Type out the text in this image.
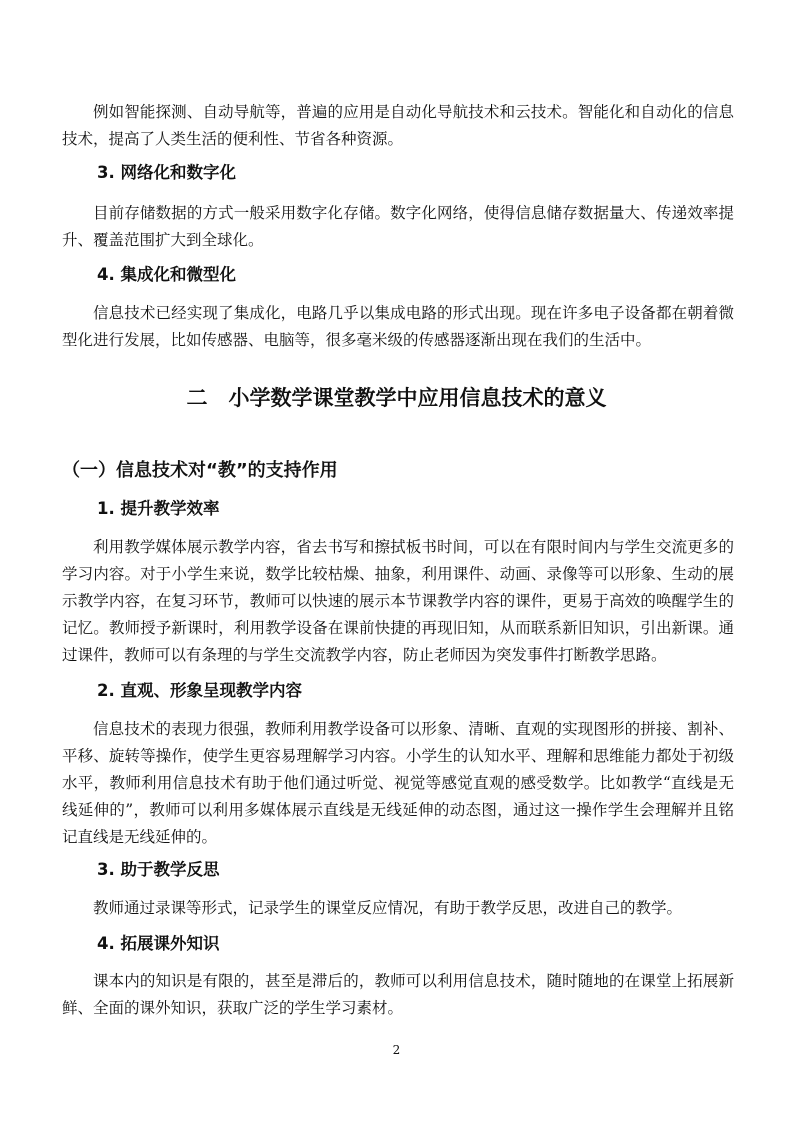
例如智能探测、自动导航等，普遍的应用是自动化导航技术和云技术。智能化和自动化的信息技术，提高了人类生活的便利性、节省各种资源。

3. 网络化和数字化

目前存储数据的方式一般采用数字化存储。数字化网络，使得信息储存数据量大、传递效率提升、覆盖范围扩大到全球化。

4. 集成化和微型化

信息技术已经实现了集成化，电路几乎以集成电路的形式出现。现在许多电子设备都在朝着微型化进行发展，比如传感器、电脑等，很多毫米级的传感器逐渐出现在我们的生活中。

二　小学数学课堂教学中应用信息技术的意义
（一）信息技术对“教”的支持作用
1. 提升教学效率

利用教学媒体展示教学内容，省去书写和擦拭板书时间，可以在有限时间内与学生交流更多的学习内容。对于小学生来说，数学比较枯燥、抽象，利用课件、动画、录像等可以形象、生动的展示教学内容，在复习环节，教师可以快速的展示本节课教学内容的课件，更易于高效的唤醒学生的记忆。教师授予新课时，利用教学设备在课前快捷的再现旧知，从而联系新旧知识，引出新课。通过课件，教师可以有条理的与学生交流教学内容，防止老师因为突发事件打断教学思路。

2. 直观、形象呈现教学内容

信息技术的表现力很强，教师利用教学设备可以形象、清晰、直观的实现图形的拼接、割补、平移、旋转等操作，使学生更容易理解学习内容。小学生的认知水平、理解和思维能力都处于初级水平，教师利用信息技术有助于他们通过听觉、视觉等感觉直观的感受数学。比如教学“直线是无线延伸的”，教师可以利用多媒体展示直线是无线延伸的动态图，通过这一操作学生会理解并且铭记直线是无线延伸的。

3. 助于教学反思

教师通过录课等形式，记录学生的课堂反应情况，有助于教学反思，改进自己的教学。

4. 拓展课外知识

课本内的知识是有限的，甚至是滞后的，教师可以利用信息技术，随时随地的在课堂上拓展新鲜、全面的课外知识，获取广泛的学生学习素材。

2
